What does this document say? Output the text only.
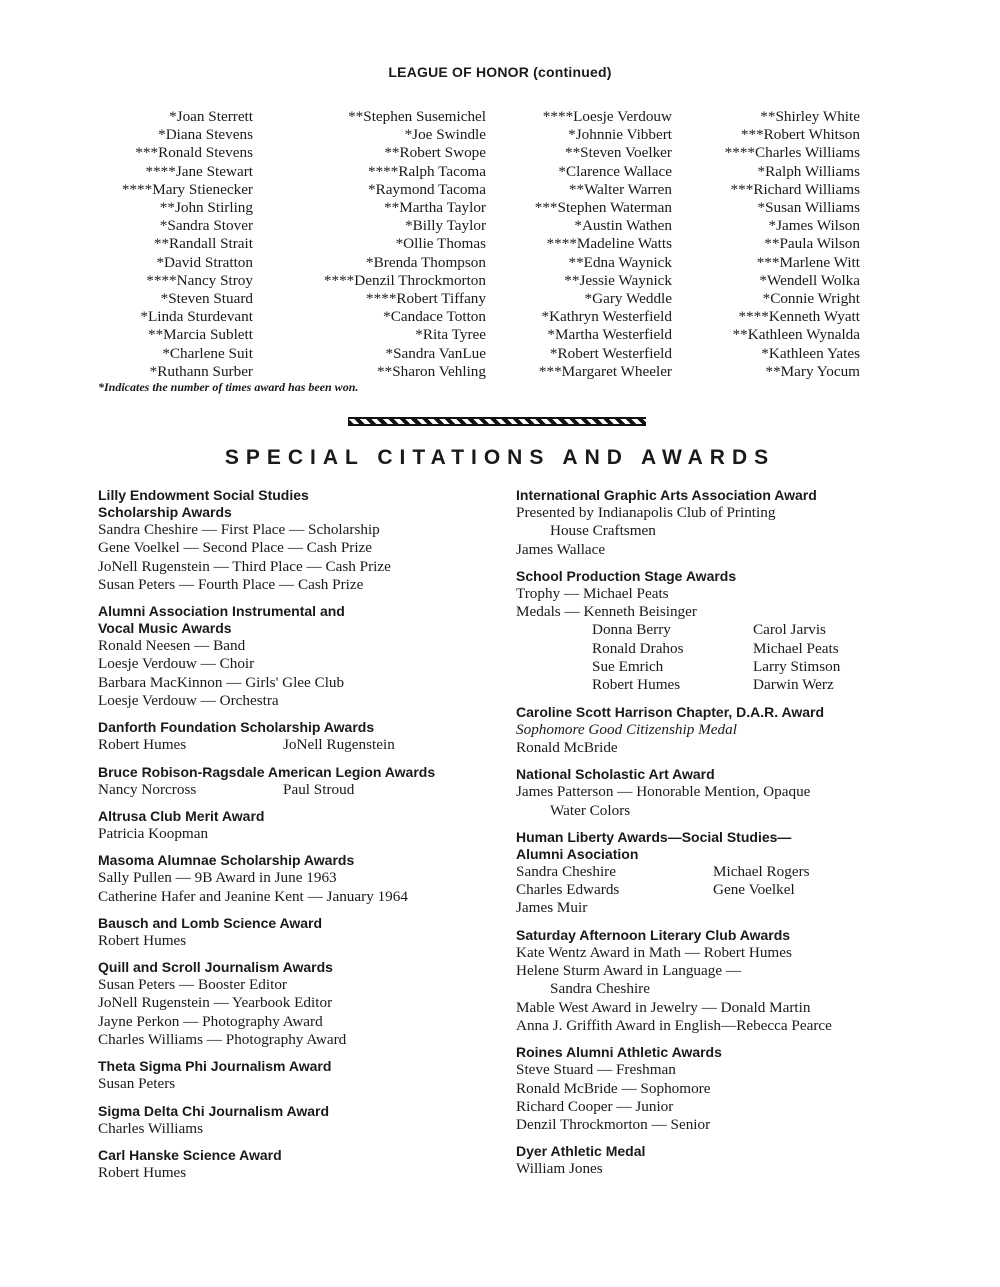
LEAGUE OF HONOR (continued)
*Joan Sterrett
*Diana Stevens
***Ronald Stevens
****Jane Stewart
****Mary Stienecker
**John Stirling
*Sandra Stover
**Randall Strait
*David Stratton
****Nancy Stroy
*Steven Stuard
*Linda Sturdevant
**Marcia Sublett
*Charlene Suit
*Ruthann Surber
**Stephen Susemichel
*Joe Swindle
**Robert Swope
****Ralph Tacoma
*Raymond Tacoma
**Martha Taylor
*Billy Taylor
*Ollie Thomas
*Brenda Thompson
****Denzil Throckmorton
****Robert Tiffany
*Candace Totton
*Rita Tyree
*Sandra VanLue
**Sharon Vehling
****Loesje Verdouw
*Johnnie Vibbert
**Steven Voelker
*Clarence Wallace
**Walter Warren
***Stephen Waterman
*Austin Wathen
****Madeline Watts
**Edna Waynick
**Jessie Waynick
*Gary Weddle
*Kathryn Westerfield
*Martha Westerfield
*Robert Westerfield
***Margaret Wheeler
**Shirley White
***Robert Whitson
****Charles Williams
*Ralph Williams
***Richard Williams
*Susan Williams
*James Wilson
**Paula Wilson
***Marlene Witt
*Wendell Wolka
*Connie Wright
****Kenneth Wyatt
**Kathleen Wynalda
*Kathleen Yates
**Mary Yocum
*Indicates the number of times award has been won.
SPECIAL CITATIONS AND AWARDS
Lilly Endowment Social Studies
Scholarship Awards
Sandra Cheshire — First Place — Scholarship
Gene Voelkel — Second Place — Cash Prize
JoNell Rugenstein — Third Place — Cash Prize
Susan Peters — Fourth Place — Cash Prize
Alumni Association Instrumental and
Vocal Music Awards
Ronald Neesen — Band
Loesje Verdouw — Choir
Barbara MacKinnon — Girls' Glee Club
Loesje Verdouw — Orchestra
Danforth Foundation Scholarship Awards
Robert Humes	JoNell Rugenstein
Bruce Robison-Ragsdale American Legion Awards
Nancy Norcross	Paul Stroud
Altrusa Club Merit Award
Patricia Koopman
Masoma Alumnae Scholarship Awards
Sally Pullen — 9B Award in June 1963
Catherine Hafer and Jeanine Kent — January 1964
Bausch and Lomb Science Award
Robert Humes
Quill and Scroll Journalism Awards
Susan Peters — Booster Editor
JoNell Rugenstein — Yearbook Editor
Jayne Perkon — Photography Award
Charles Williams — Photography Award
Theta Sigma Phi Journalism Award
Susan Peters
Sigma Delta Chi Journalism Award
Charles Williams
Carl Hanske Science Award
Robert Humes
International Graphic Arts Association Award
Presented by Indianapolis Club of Printing
House Craftsmen
James Wallace
School Production Stage Awards
Trophy — Michael Peats
Medals — Kenneth Beisinger
Donna Berry
Ronald Drahos
Sue Emrich
Robert Humes
Carol Jarvis
Michael Peats
Larry Stimson
Darwin Werz
Caroline Scott Harrison Chapter, D.A.R. Award
Sophomore Good Citizenship Medal
Ronald McBride
National Scholastic Art Award
James Patterson — Honorable Mention, Opaque
Water Colors
Human Liberty Awards—Social Studies—
Alumni Asociation
Sandra Cheshire
Charles Edwards
James Muir
Michael Rogers
Gene Voelkel
Saturday Afternoon Literary Club Awards
Kate Wentz Award in Math — Robert Humes
Helene Sturm Award in Language —
Sandra Cheshire
Mable West Award in Jewelry — Donald Martin
Anna J. Griffith Award in English—Rebecca Pearce
Roines Alumni Athletic Awards
Steve Stuard — Freshman
Ronald McBride — Sophomore
Richard Cooper — Junior
Denzil Throckmorton — Senior
Dyer Athletic Medal
William Jones
